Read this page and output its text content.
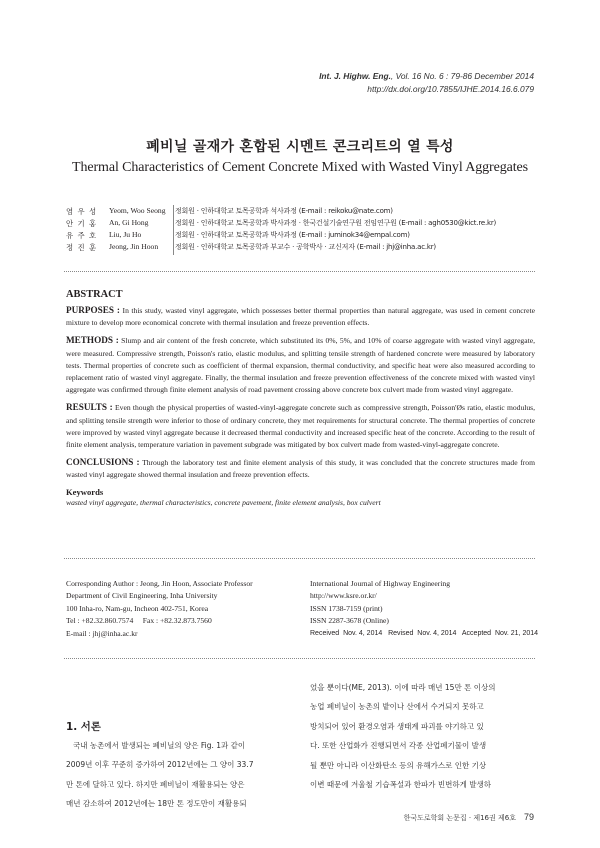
Int. J. Highw. Eng., Vol. 16 No. 6 : 79-86 December 2014
http://dx.doi.org/10.7855/IJHE.2014.16.6.079
폐비닐 골재가 혼합된 시멘트 콘크리트의 열 특성
Thermal Characteristics of Cement Concrete Mixed with Wasted Vinyl Aggregates
염 우 성 Yeom, Woo Seong 정회원 · 인하대학교 토목공학과 석사과정 (E-mail : reikoku@nate.com)
안 기 홍 An, Gi Hong	정회원 · 인하대학교 토목공학과 박사과정 · 한국건설기술연구원 전임연구원 (E-mail : agh0530@kict.re.kr)
유 주 호 Liu, Ju Ho	정회원 · 인하대학교 토목공학과 박사과정 (E-mail : juminok34@empal.com)
정 진 훈 Jeong, Jin Hoon 정회원 · 인하대학교 토목공학과 부교수 · 공학박사 · 교신저자 (E-mail : jhj@inha.ac.kr)
ABSTRACT

PURPOSES : In this study, wasted vinyl aggregate, which possesses better thermal properties than natural aggregate, was used in cement concrete mixture to develop more economical concrete with thermal insulation and freeze prevention effects.

METHODS : Slump and air content of the fresh concrete, which substituted its 0%, 5%, and 10% of coarse aggregate with wasted vinyl aggregate, were measured. Compressive strength, Poisson's ratio, elastic modulus, and splitting tensile strength of hardened concrete were measured by laboratory tests. Thermal properties of concrete such as coefficient of thermal expansion, thermal conductivity, and specific heat were also measured according to replacement ratio of wasted vinyl aggregate. Finally, the thermal insulation and freeze prevention effectiveness of the concrete mixed with wasted vinyl aggregate was confirmed through finite element analysis of road pavement crossing above concrete box culvert made from wasted vinyl aggregate.

RESULTS : Even though the physical properties of wasted-vinyl-aggregate concrete such as compressive strength, Poisson'Øs ratio, elastic modulus, and splitting tensile strength were inferior to those of ordinary concrete, they met requirements for structural concrete. The thermal properties of concrete were improved by wasted vinyl aggregate because it decreased thermal conductivity and increased specific heat of the concrete. According to the result of finite element analysis, temperature variation in pavement subgrade was mitigated by box culvert made from wasted-vinyl-aggregate concrete.

CONCLUSIONS : Through the laboratory test and finite element analysis of this study, it was concluded that the concrete structures made from wasted vinyl aggregate showed thermal insulation and freeze prevention effects.

Keywords
wasted vinyl aggregate, thermal characteristics, concrete pavement, finite element analysis, box culvert
Corresponding Author : Jeong, Jin Hoon, Associate Professor
Department of Civil Engineering, Inha University
100 Inha-ro, Nam-gu, Incheon 402-751, Korea
Tel : +82.32.860.7574     Fax : +82.32.873.7560
E-mail : jhj@inha.ac.kr
International Journal of Highway Engineering
http://www.ksre.or.kr/
ISSN 1738-7159 (print)
ISSN 2287-3678 (Online)
Received  Nov. 4, 2014   Revised  Nov. 4, 2014   Accepted  Nov. 21, 2014
1. 서론

국내 농촌에서 발생되는 폐비닐의 양은 Fig. 1과 같이

2009년 이후 꾸준히 증가하여 2012년에는 그 양이 33.7

만 톤에 달하고 있다. 하지만 폐비닐이 재활용되는 양은

매년 감소하여 2012년에는 18만 톤 정도만이 재활용되

었을 뿐이다(ME, 2013). 이에 따라 매년 15만 톤 이상의

농업 폐비닐이 농촌의 밭이나 산에서 수거되지 못하고

방치되어 있어 환경오염과 생태계 파괴를 야기하고 있

다. 또한 산업화가 진행되면서 각종 산업폐기물이 발생

될 뿐만 아니라 이산화탄소 등의 유해가스로 인한 기상

이변 때문에 겨울철 기습폭설과 한파가 빈번하게 발생하

한국도로학회 논문집 · 제16권 제6호 79
